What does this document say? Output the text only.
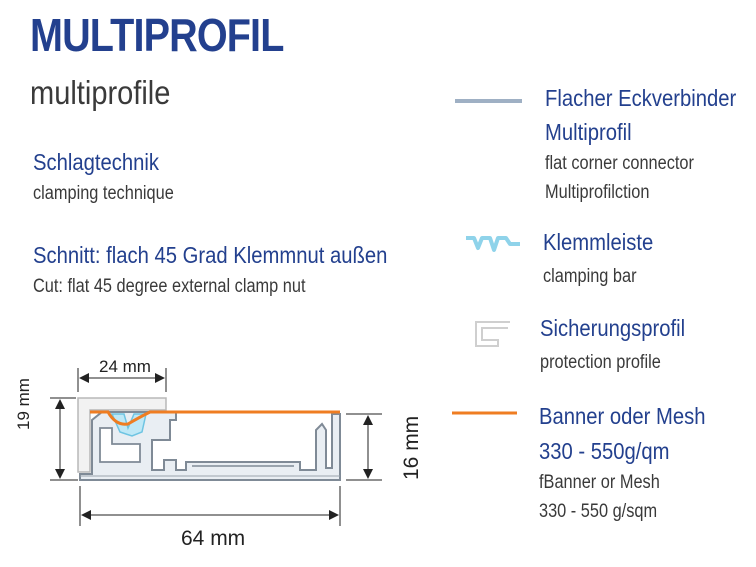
MULTIPROFIL
multiprofile
Schlagtechnik
clamping technique
Schnitt: flach 45 Grad Klemmnut außen
Cut: flat 45 degree external clamp nut
24 mm
19 mm
16 mm
64 mm
Flacher Eckverbinder
Multiprofil
flat corner connector
Multiprofilction
Klemmleiste
clamping bar
Sicherungsprofil
protection profile
Banner oder Mesh
330 - 550g/qm
fBanner or Mesh
330 - 550 g/sqm
